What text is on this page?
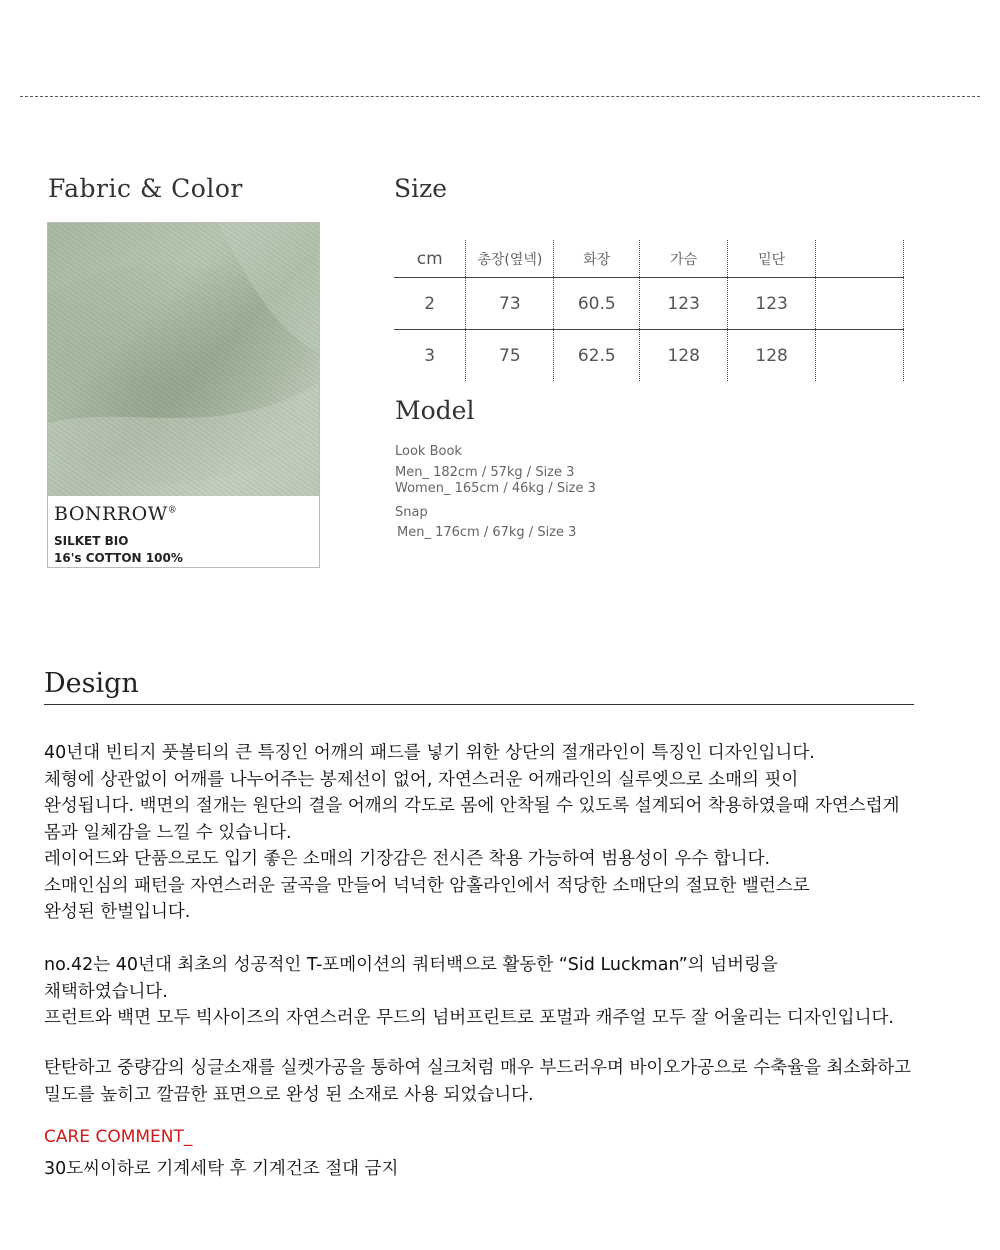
Fabric & Color
BONRROW®
SILKET BIO
16's COTTON 100%
Size
cm	총장(옆넥)	화장	가슴	밑단	
2	73	60.5	123	123	
3	75	62.5	128	128	
Model
Look Book
Men_ 182cm / 57kg / Size 3
Women_ 165cm / 46kg / Size 3
Snap
Men_ 176cm / 67kg / Size 3
Design
40년대 빈티지 풋볼티의 큰 특징인 어깨의 패드를 넣기 위한 상단의 절개라인이 특징인 디자인입니다.
체형에 상관없이 어깨를 나누어주는 봉제선이 없어, 자연스러운 어깨라인의 실루엣으로 소매의 핏이
완성됩니다. 백면의 절개는 원단의 결을 어깨의 각도로 몸에 안착될 수 있도록 설계되어 착용하였을때 자연스럽게
몸과 일체감을 느낄 수 있습니다.
레이어드와 단품으로도 입기 좋은 소매의 기장감은 전시즌 착용 가능하여 범용성이 우수 합니다.
소매인심의 패턴을 자연스러운 굴곡을 만들어 넉넉한 암홀라인에서 적당한 소매단의 절묘한 밸런스로
완성된 한벌입니다.
no.42는 40년대 최초의 성공적인 T-포메이션의 쿼터백으로 활동한 “Sid Luckman”의 넘버링을
채택하였습니다.
프런트와 백면 모두 빅사이즈의 자연스러운 무드의 넘버프린트로 포멀과 캐주얼 모두 잘 어울리는 디자인입니다.
탄탄하고 중량감의 싱글소재를 실켓가공을 통하여 실크처럼 매우 부드러우며 바이오가공으로 수축율을 최소화하고
밀도를 높히고 깔끔한 표면으로 완성 된 소재로 사용 되었습니다.
CARE COMMENT_
30도씨이하로 기계세탁 후 기계건조 절대 금지
